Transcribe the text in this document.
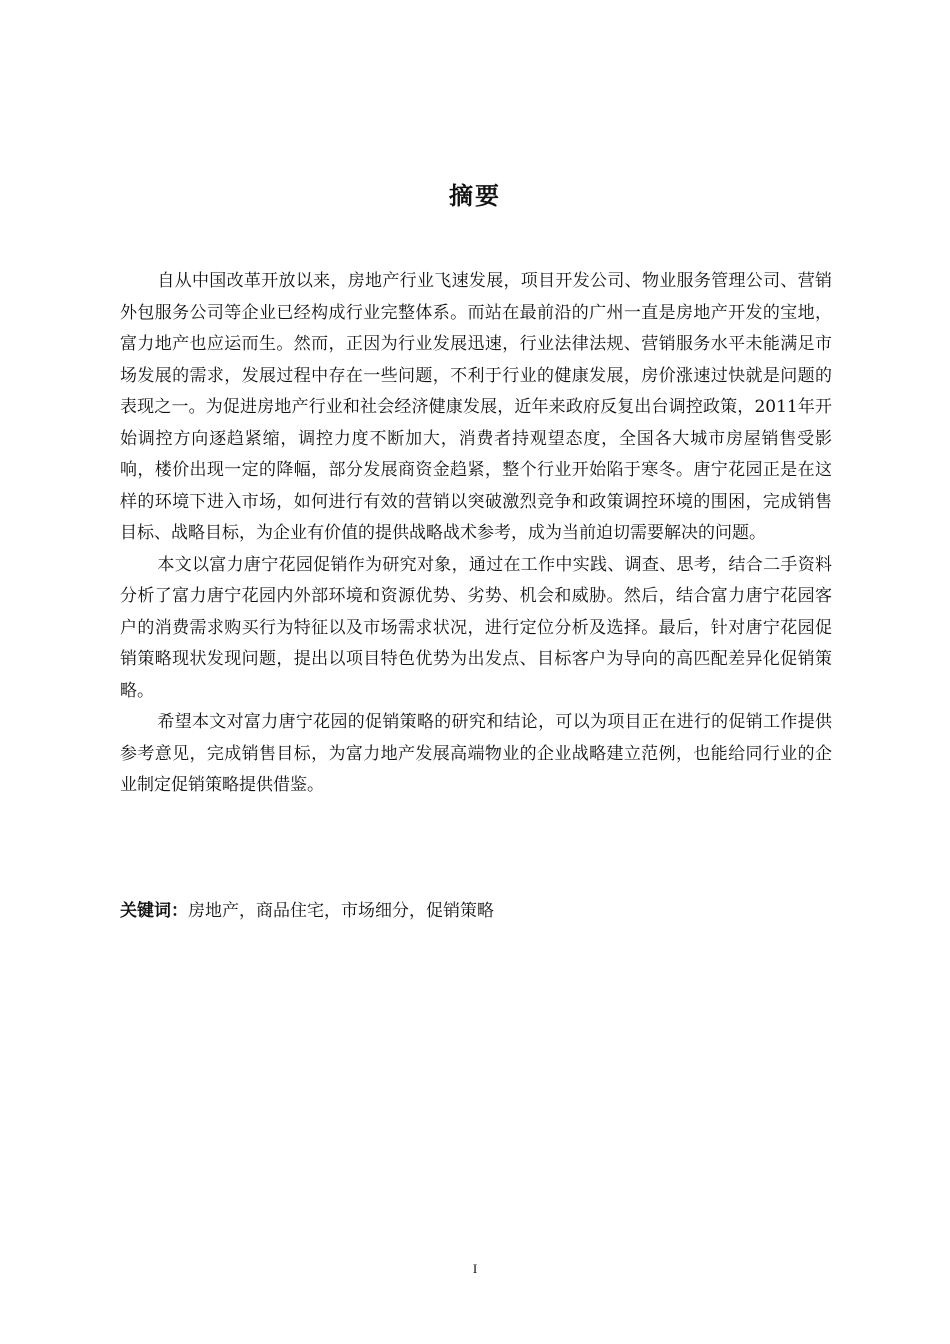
摘要

自从中国改革开放以来，房地产行业飞速发展，项目开发公司、物业服务管理公司、营销外包服务公司等企业已经构成行业完整体系。而站在最前沿的广州一直是房地产开发的宝地，富力地产也应运而生。然而，正因为行业发展迅速，行业法律法规、营销服务水平未能满足市场发展的需求，发展过程中存在一些问题，不利于行业的健康发展，房价涨速过快就是问题的表现之一。为促进房地产行业和社会经济健康发展，近年来政府反复出台调控政策，2011年开始调控方向逐趋紧缩，调控力度不断加大，消费者持观望态度，全国各大城市房屋销售受影响，楼价出现一定的降幅，部分发展商资金趋紧，整个行业开始陷于寒冬。唐宁花园正是在这样的环境下进入市场，如何进行有效的营销以突破激烈竞争和政策调控环境的围困，完成销售目标、战略目标，为企业有价值的提供战略战术参考，成为当前迫切需要解决的问题。

本文以富力唐宁花园促销作为研究对象，通过在工作中实践、调查、思考，结合二手资料分析了富力唐宁花园内外部环境和资源优势、劣势、机会和威胁。然后，结合富力唐宁花园客户的消费需求购买行为特征以及市场需求状况，进行定位分析及选择。最后，针对唐宁花园促销策略现状发现问题，提出以项目特色优势为出发点、目标客户为导向的高匹配差异化促销策略。

希望本文对富力唐宁花园的促销策略的研究和结论，可以为项目正在进行的促销工作提供参考意见，完成销售目标，为富力地产发展高端物业的企业战略建立范例，也能给同行业的企业制定促销策略提供借鉴。

关键词：房地产，商品住宅，市场细分，促销策略
I
